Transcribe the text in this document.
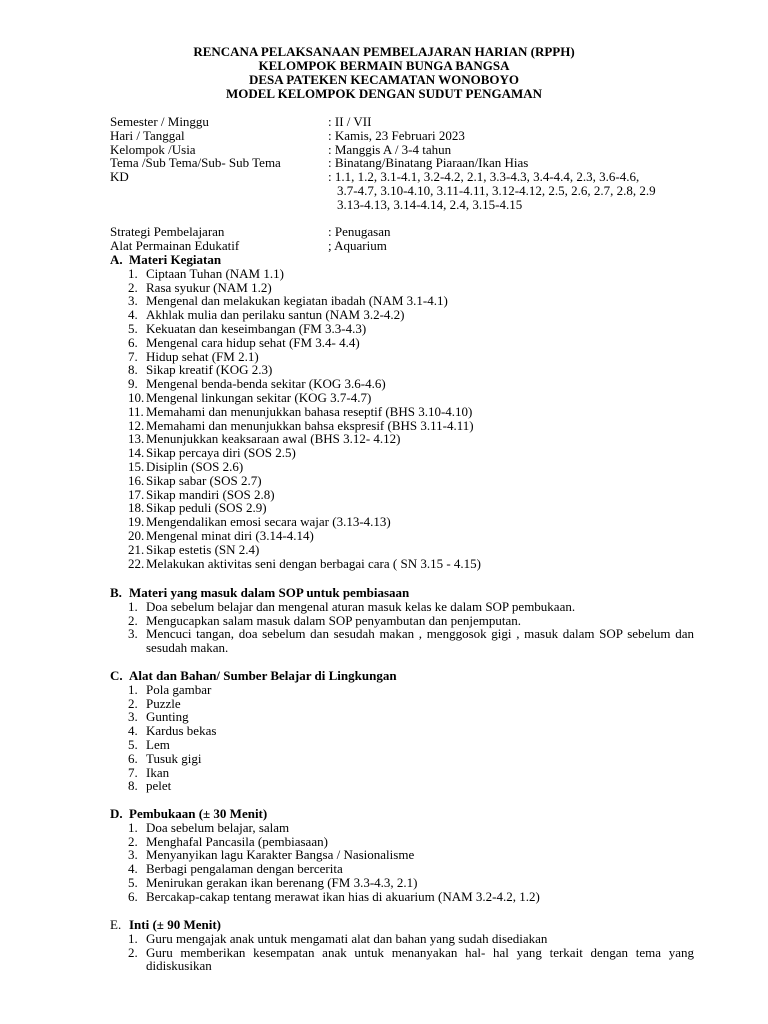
RENCANA PELAKSANAAN PEMBELAJARAN HARIAN (RPPH)
KELOMPOK BERMAIN BUNGA BANGSA
DESA PATEKEN KECAMATAN WONOBOYO
MODEL KELOMPOK DENGAN SUDUT PENGAMAN
Semester / Minggu	: II / VII
Hari / Tanggal	: Kamis, 23 Februari 2023
Kelompok /Usia	: Manggis A / 3-4 tahun
Tema /Sub Tema/Sub- Sub Tema	: Binatang/Binatang Piaraan/Ikan Hias
KD	: 1.1, 1.2, 3.1-4.1, 3.2-4.2, 2.1, 3.3-4.3, 3.4-4.4, 2.3, 3.6-4.6,
3.7-4.7, 3.10-4.10, 3.11-4.11, 3.12-4.12, 2.5, 2.6, 2.7, 2.8, 2.9
3.13-4.13, 3.14-4.14, 2.4, 3.15-4.15
Strategi Pembelajaran	: Penugasan
Alat Permainan Edukatif	; Aquarium
A. Materi Kegiatan
1. Ciptaan Tuhan (NAM 1.1)
2. Rasa syukur (NAM 1.2)
3. Mengenal dan melakukan kegiatan ibadah (NAM 3.1-4.1)
4. Akhlak mulia dan perilaku santun (NAM 3.2-4.2)
5. Kekuatan dan keseimbangan (FM 3.3-4.3)
6. Mengenal cara hidup sehat (FM 3.4- 4.4)
7. Hidup sehat (FM 2.1)
8. Sikap kreatif (KOG 2.3)
9. Mengenal benda-benda sekitar (KOG 3.6-4.6)
10. Mengenal linkungan sekitar (KOG 3.7-4.7)
11. Memahami dan menunjukkan bahasa reseptif (BHS 3.10-4.10)
12. Memahami dan menunjukkan bahsa ekspresif (BHS 3.11-4.11)
13. Menunjukkan keaksaraan awal (BHS 3.12- 4.12)
14. Sikap percaya diri (SOS 2.5)
15. Disiplin (SOS 2.6)
16. Sikap sabar (SOS 2.7)
17. Sikap mandiri (SOS 2.8)
18. Sikap peduli (SOS 2.9)
19. Mengendalikan emosi secara wajar (3.13-4.13)
20. Mengenal minat diri (3.14-4.14)
21. Sikap estetis (SN 2.4)
22. Melakukan aktivitas seni dengan berbagai cara ( SN 3.15 - 4.15)
B. Materi yang masuk dalam SOP untuk pembiasaan
1. Doa sebelum belajar dan mengenal aturan masuk kelas ke dalam SOP pembukaan.
2. Mengucapkan salam masuk dalam SOP penyambutan dan penjemputan.
3. Mencuci tangan, doa sebelum dan sesudah makan , menggosok gigi , masuk dalam SOP sebelum dan sesudah makan.
C. Alat dan Bahan/ Sumber Belajar di Lingkungan
1. Pola gambar
2. Puzzle
3. Gunting
4. Kardus bekas
5. Lem
6. Tusuk gigi
7. Ikan
8. pelet
D. Pembukaan (± 30 Menit)
1. Doa sebelum belajar, salam
2. Menghafal Pancasila (pembiasaan)
3. Menyanyikan lagu Karakter Bangsa / Nasionalisme
4. Berbagi pengalaman dengan bercerita
5. Menirukan gerakan ikan berenang (FM 3.3-4.3, 2.1)
6. Bercakap-cakap tentang merawat ikan hias di akuarium (NAM 3.2-4.2, 1.2)
E. Inti (± 90 Menit)
1. Guru mengajak anak untuk mengamati alat dan bahan yang sudah disediakan
2. Guru memberikan kesempatan anak untuk menanyakan hal- hal yang terkait dengan tema yang didiskusikan
